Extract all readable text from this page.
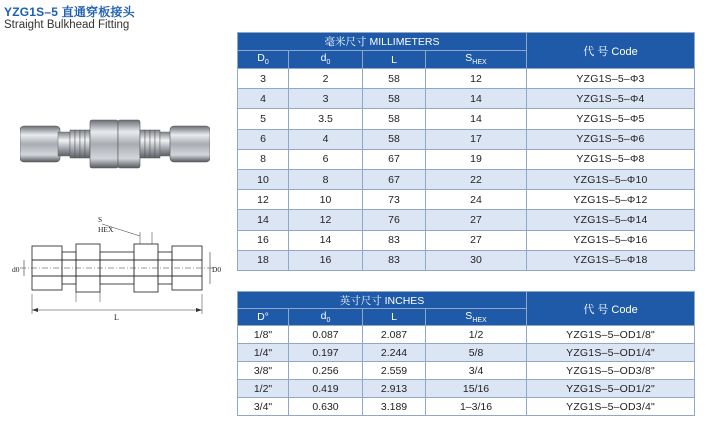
YZG1S–5 直通穿板接头
Straight Bulkhead Fitting
S
HEX
d0	D0
L
毫米尺寸 MILLIMETERS				代 号 Code
$D_0$	$d_0$	L	$S_{HEX}$
3	2	58	12	YZG1S–5–Φ3
4	3	58	14	YZG1S–5–Φ4
5	3.5	58	14	YZG1S–5–Φ5
6	4	58	17	YZG1S–5–Φ6
8	6	67	19	YZG1S–5–Φ8
10	8	67	22	YZG1S–5–Φ10
12	10	73	24	YZG1S–5–Φ12
14	12	76	27	YZG1S–5–Φ14
16	14	83	27	YZG1S–5–Φ16
18	16	83	30	YZG1S–5–Φ18
英寸尺寸 INCHES				代 号 Code
D°	$d_0$	L	$S_{HEX}$
1/8"	0.087	2.087	1/2	YZG1S–5–OD1/8"
1/4"	0.197	2.244	5/8	YZG1S–5–OD1/4"
3/8"	0.256	2.559	3/4	YZG1S–5–OD3/8"
1/2"	0.419	2.913	15/16	YZG1S–5–OD1/2"
3/4"	0.630	3.189	1–3/16	YZG1S–5–OD3/4"
